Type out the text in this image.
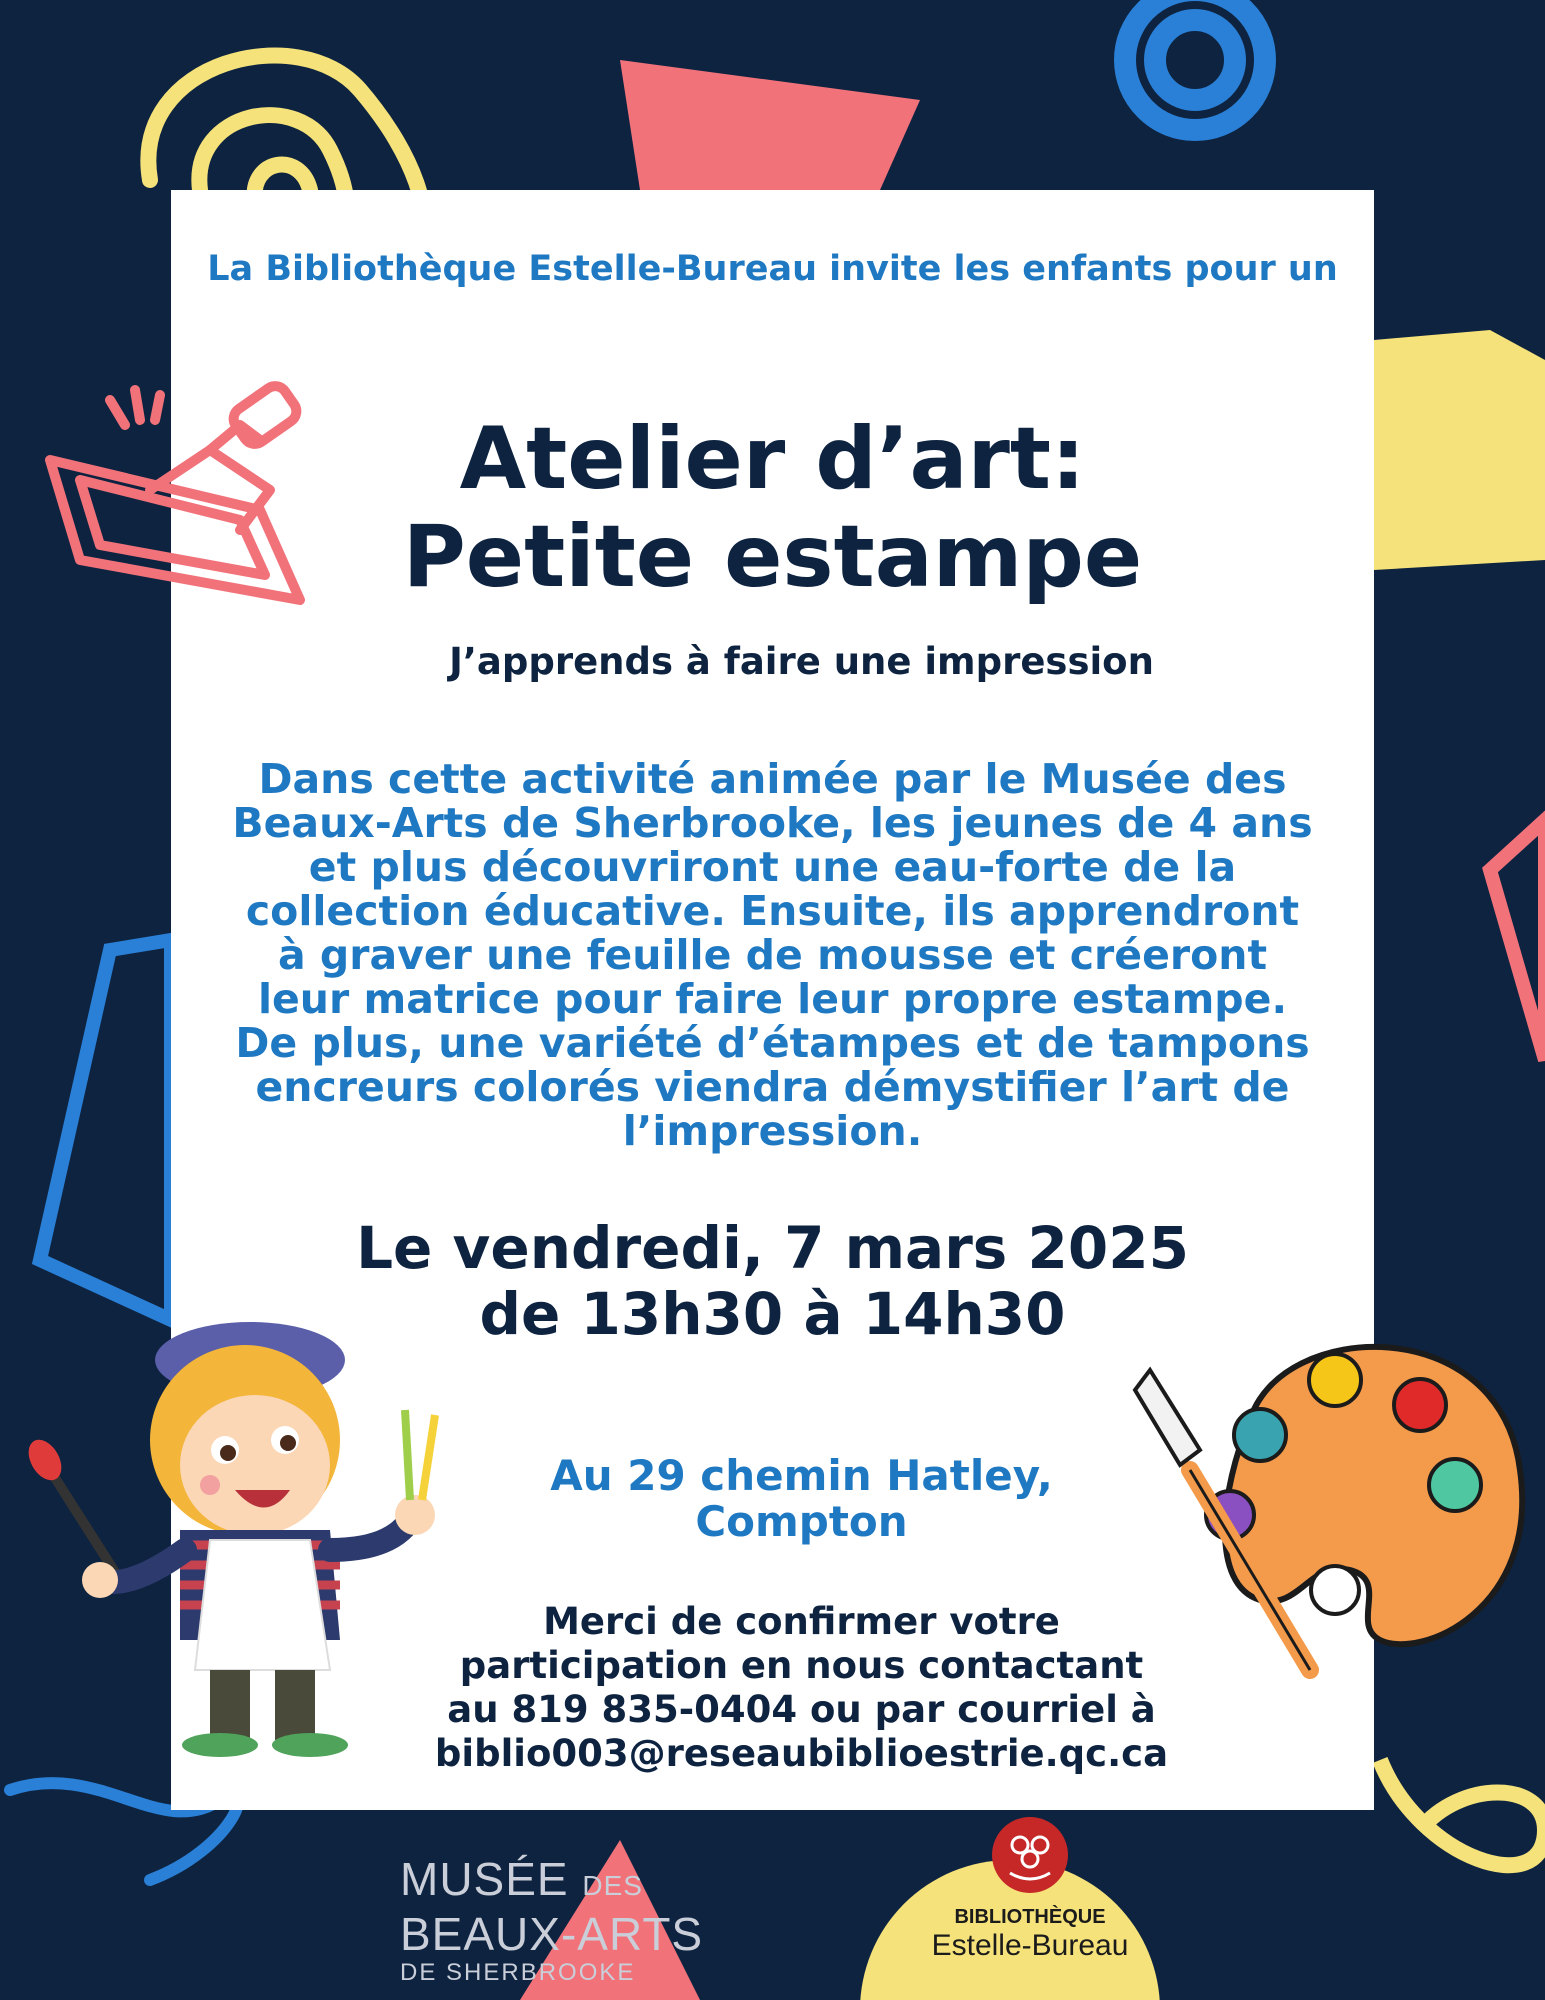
La Bibliothèque Estelle-Bureau invite les enfants pour un

Atelier d’art:
Petite estampe

J’apprends à faire une impression

Dans cette activité animée par le Musée des Beaux-Arts de Sherbrooke, les jeunes de 4 ans et plus découvriront une eau-forte de la collection éducative. Ensuite, ils apprendront à graver une feuille de mousse et créeront leur matrice pour faire leur propre estampe. De plus, une variété d’étampes et de tampons encreurs colorés viendra démystifier l’art de l’impression.

Le vendredi, 7 mars 2025
de 13h30 à 14h30

Au 29 chemin Hatley,
Compton

Merci de confirmer votre
participation en nous contactant
au 819 835-0404 ou par courriel à
biblio003@reseaubiblioestrie.qc.ca

MUSÉE DES
BEAUX-ARTS
DE SHERBROOKE
BIBLIOTHÈQUE
Estelle-Bureau
